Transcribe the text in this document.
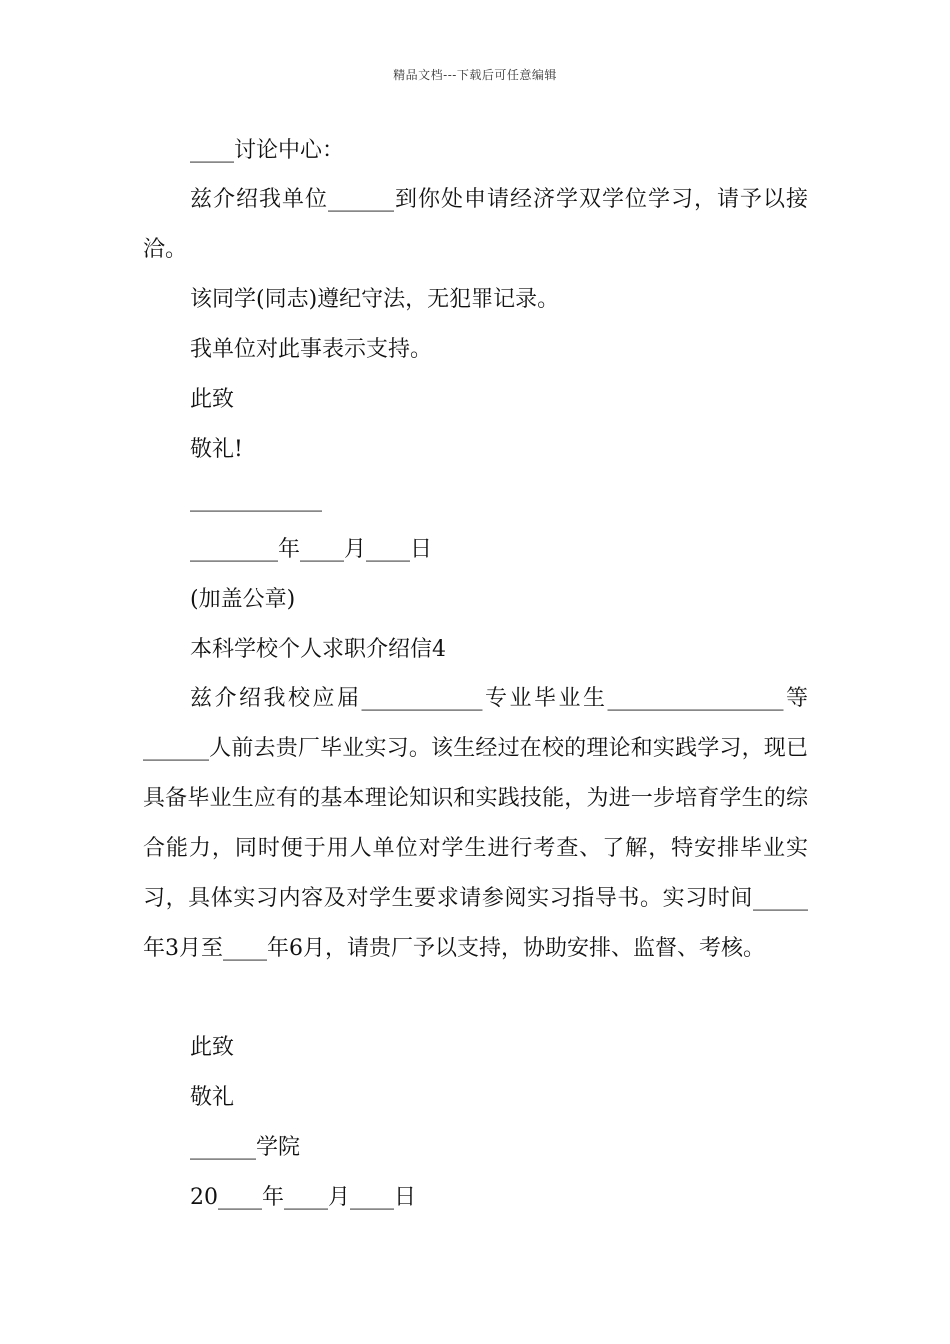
精品文档---下载后可任意编辑
____讨论中心：

兹介绍我单位______到你处申请经济学双学位学习，请予以接洽。

该同学(同志)遵纪守法，无犯罪记录。
我单位对此事表示支持。
此致
敬礼!
____________
________年____月____日
(加盖公章)
本科学校个人求职介绍信4

兹介绍我校应届___________专业毕业生________________等______人前去贵厂毕业实习。该生经过在校的理论和实践学习，现已具备毕业生应有的基本理论知识和实践技能，为进一步培育学生的综合能力，同时便于用人单位对学生进行考查、了解，特安排毕业实习，具体实习内容及对学生要求请参阅实习指导书。实习时间_____年3月至____年6月，请贵厂予以支持，协助安排、监督、考核。

此致
敬礼
______学院
20____年____月____日
